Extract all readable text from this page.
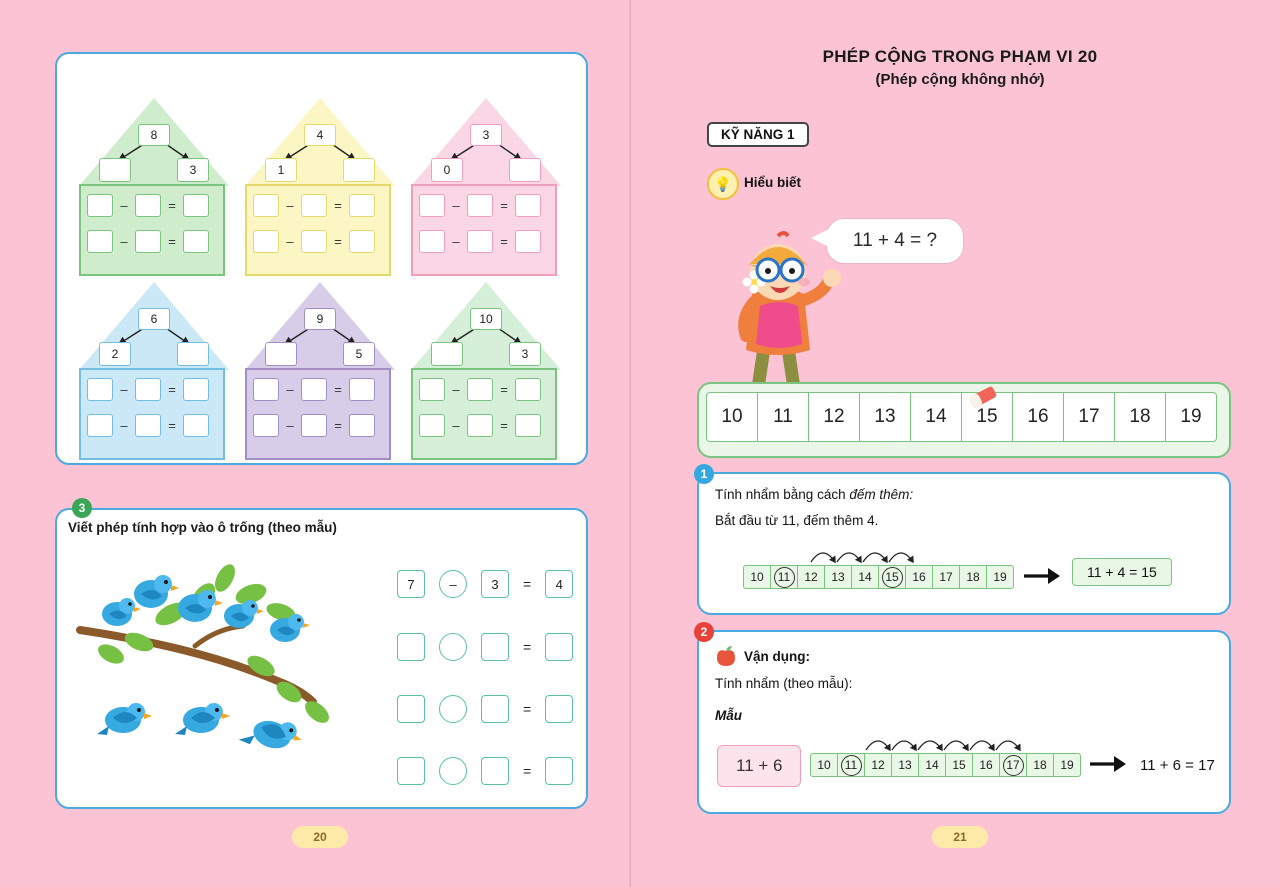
8
3
–	=
–	=
4
1
–	=
–	=
3
0
–	=
–	=
6
2
–	=
–	=
9
5
–	=
–	=
10
3
–	=
–	=
7	–	3	=	4
=
=
=
3
Viết phép tính hợp vào ô trống (theo mẫu)
20
PHÉP CỘNG TRONG PHẠM VI 20
(Phép cộng không nhớ)
KỸ NĂNG 1
💡 Hiểu biết
11 + 4 = ?
10	11	12	13	14	15	16	17	18	19
1
Tính nhẩm bằng cách đếm thêm:
Bắt đầu từ 11, đếm thêm 4.
10 11 12 13 14 15 16 17 18 19	11 + 4 = 15
2
Vận dụng:
Tính nhẩm (theo mẫu):
Mẫu
11 + 6	10 11 12 13 14 15 16 17 18 19	11 + 6 = 17
21
